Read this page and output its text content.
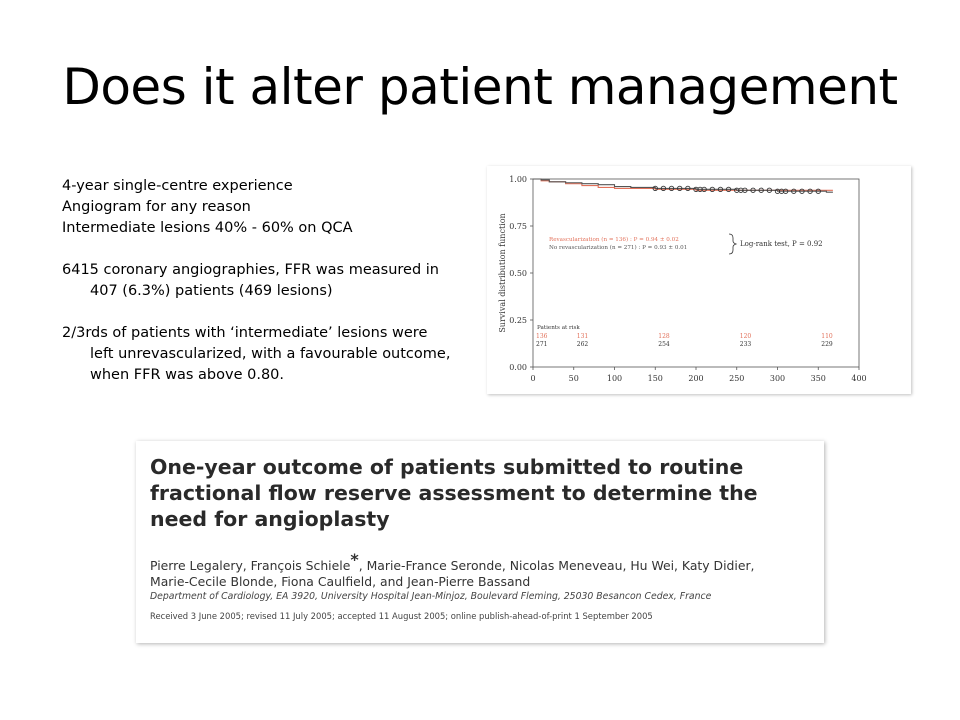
Does it alter patient management

4-year single-centre experience

Angiogram for any reason

Intermediate lesions 40% - 60% on QCA

6415 coronary angiographies, FFR was measured in 407 (6.3%) patients (469 lesions)

2/3rds of patients with ‘intermediate’ lesions were left unrevascularized, with a favourable outcome, when FFR was above 0.80.

Survival distribution function
0.00
0.25
0.50
0.75
1.00
0	50	100	150	200	250	300	350	400
Revascularization (n = 136) : P = 0.94 ± 0.02
No revascularization (n = 271) : P = 0.93 ± 0.01	Log-rank test, P = 0.92
Patients at risk
136	131	128	120	110
271	262	254	233	229
One-year outcome of patients submitted to routine fractional flow reserve assessment to determine the need for angioplasty
Pierre Legalery, François Schiele*, Marie-France Seronde, Nicolas Meneveau, Hu Wei, Katy Didier,
Marie-Cecile Blonde, Fiona Caulfield, and Jean-Pierre Bassand
Department of Cardiology, EA 3920, University Hospital Jean-Minjoz, Boulevard Fleming, 25030 Besancon Cedex, France
Received 3 June 2005; revised 11 July 2005; accepted 11 August 2005; online publish-ahead-of-print 1 September 2005
